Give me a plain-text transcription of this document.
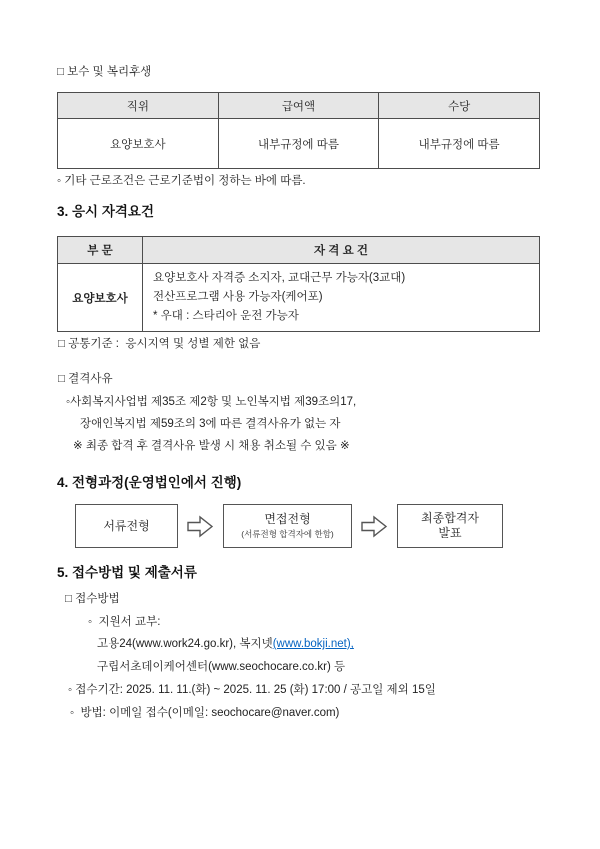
□ 보수 및 복리후생
직위	급여액	수당
요양보호사	내부규정에 따름	내부규정에 따름
◦ 기타 근로조건은 근로기준법이 정하는 바에 따름.
3. 응시 자격요건
부 문	자 격 요 건
요양보호사	요양보호사 자격증 소지자, 교대근무 가능자(3교대)
전산프로그램 사용 가능자(케어포)
* 우대 : 스타리아 운전 가능자
□ 공통기준 :  응시지역 및 성별 제한 없음
□ 결격사유
◦사회복지사업법 제35조 제2항 및 노인복지법 제39조의17,
장애인복지법 제59조의 3에 따른 결격사유가 없는 자
※ 최종 합격 후 결격사유 발생 시 채용 취소될 수 있음 ※
4. 전형과정(운영법인에서 진행)
서류전형	면접전형
(서류전형 합격자에 한함)
최종합격자
발표
5. 접수방법 및 제출서류
□ 접수방법
◦  지원서 교부:
고용24(www.work24.go.kr), 복지넷(www.bokji.net),
구립서초데이케어센터(www.seochocare.co.kr) 등
◦ 접수기간: 2025. 11. 11.(화) ~ 2025. 11. 25 (화) 17:00 / 공고일 제외 15일
◦  방법: 이메일 접수(이메일: seochocare@naver.com)
